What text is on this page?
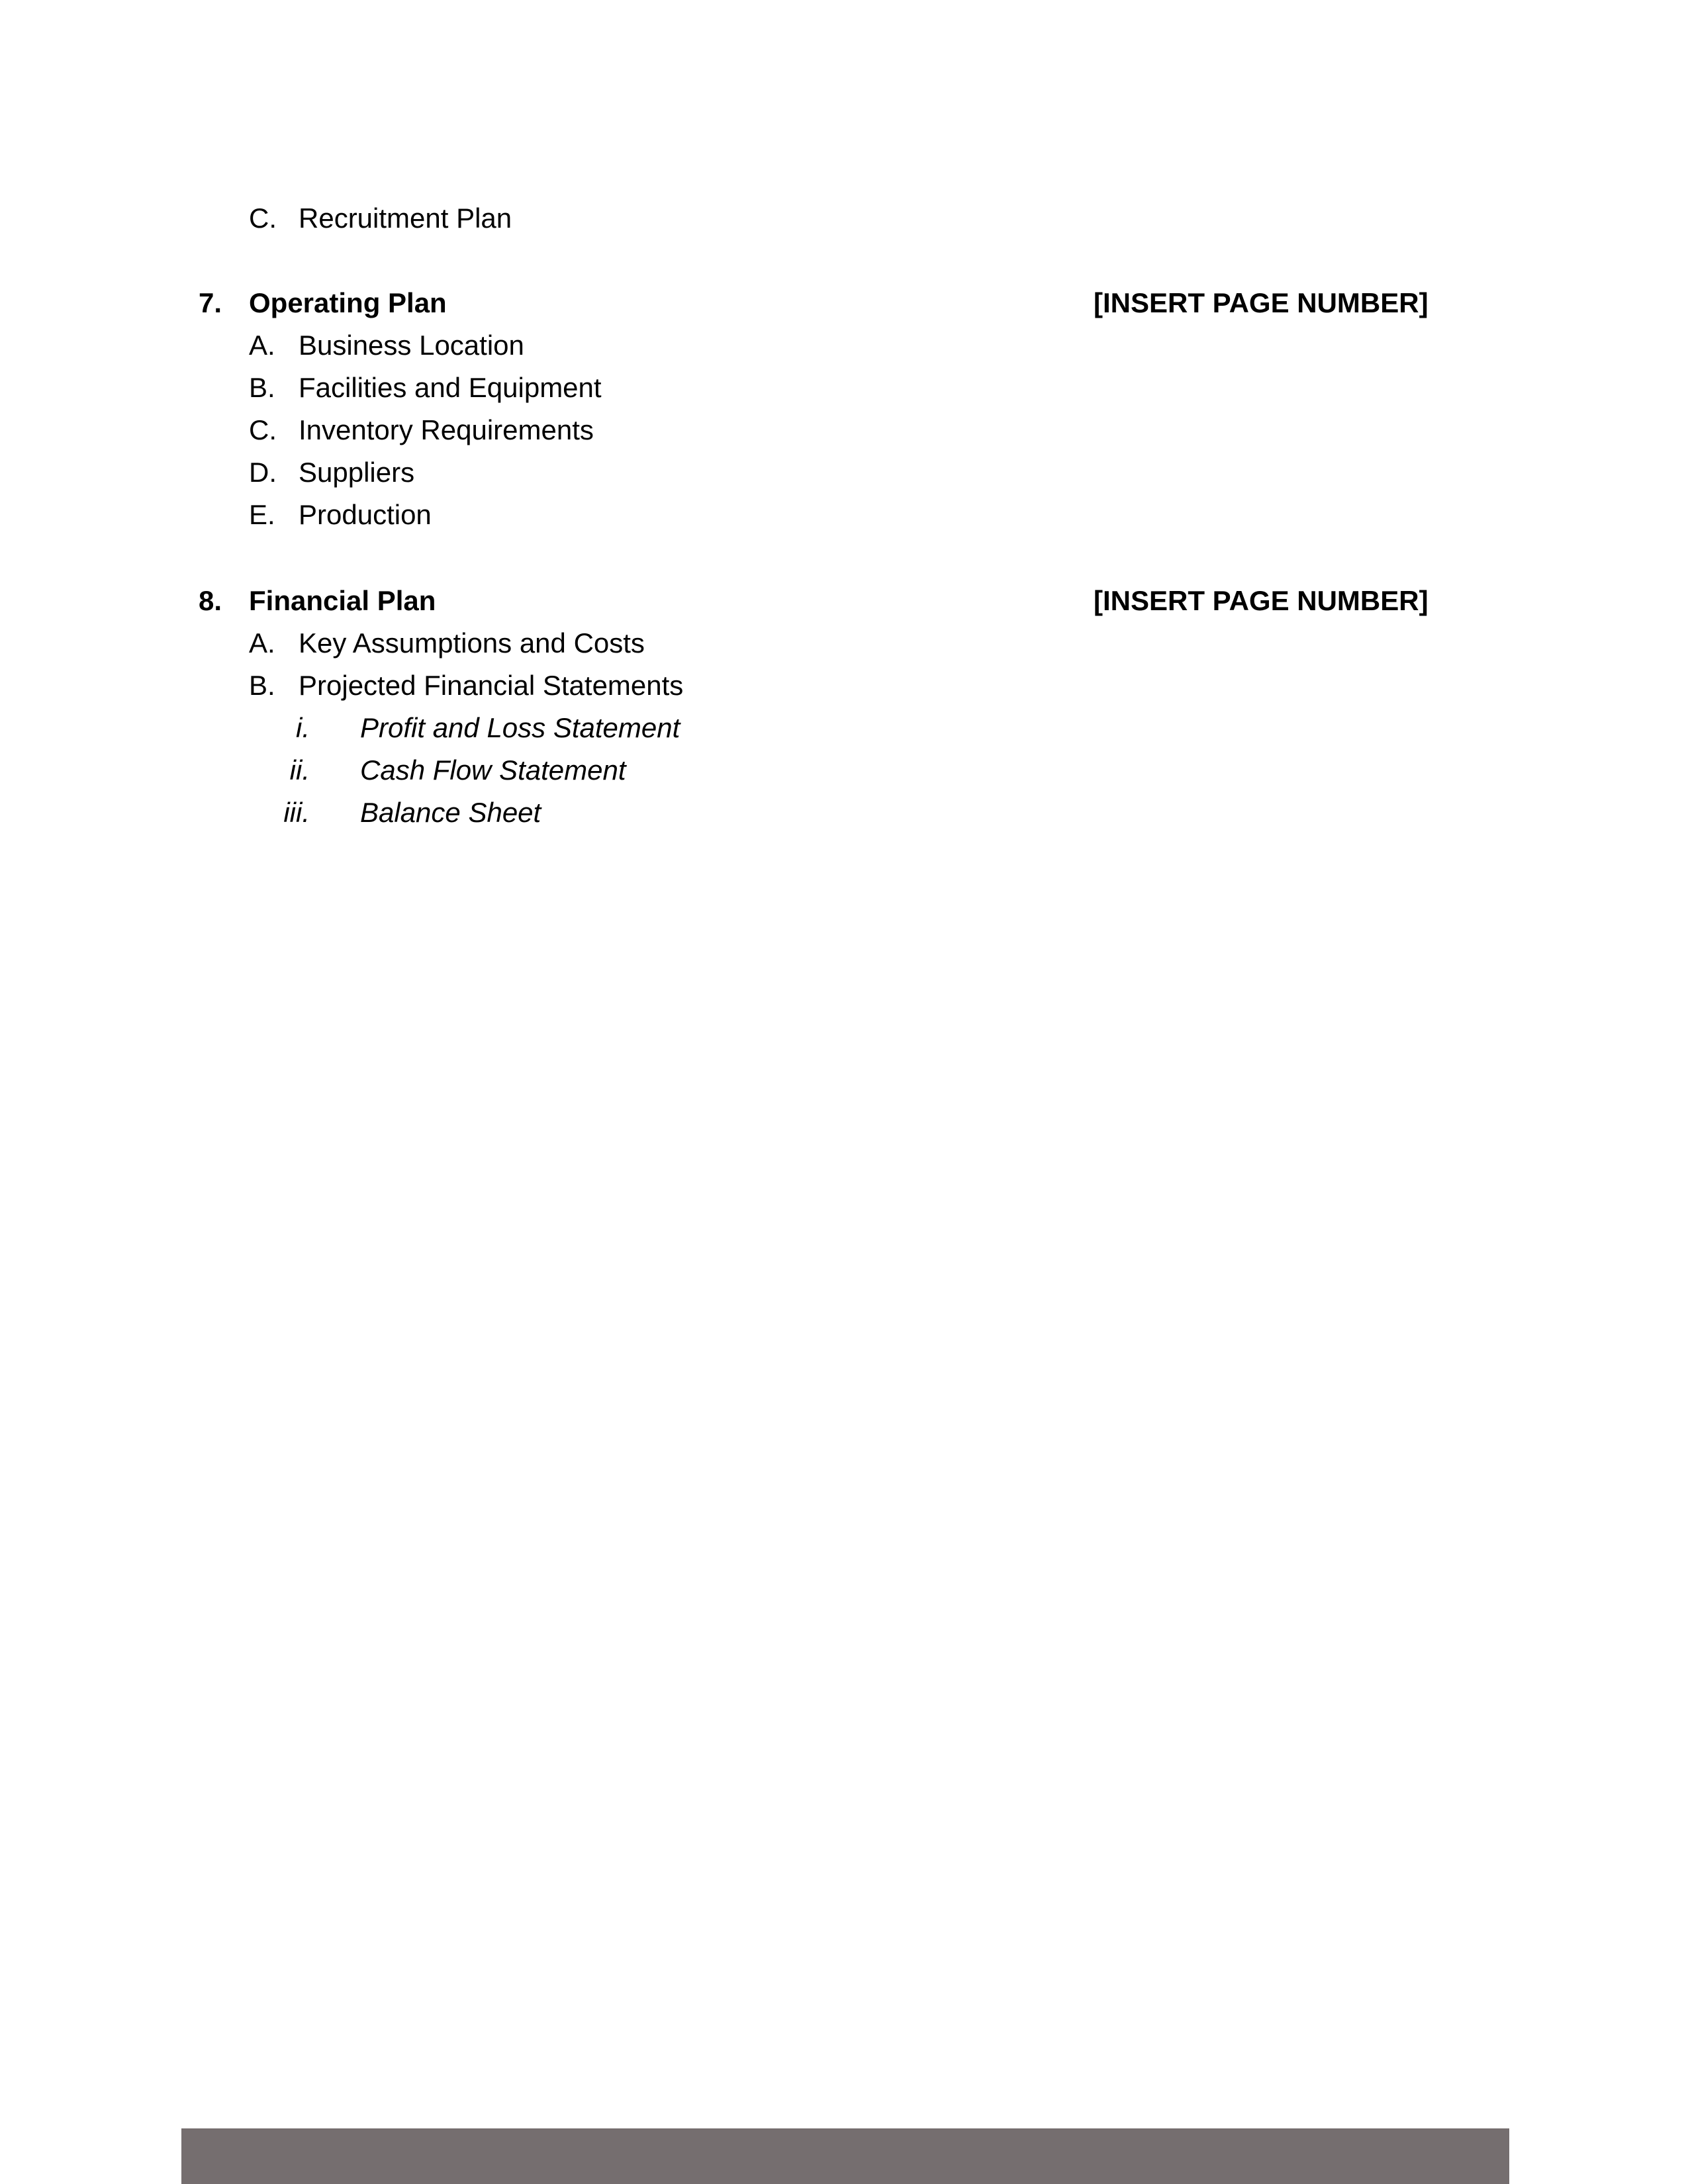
C. Recruitment Plan
7. Operating Plan	[INSERT PAGE NUMBER]
A. Business Location
B. Facilities and Equipment
C. Inventory Requirements
D. Suppliers
E. Production
8. Financial Plan	[INSERT PAGE NUMBER]
A. Key Assumptions and Costs
B. Projected Financial Statements
i. Profit and Loss Statement
ii. Cash Flow Statement
iii. Balance Sheet
